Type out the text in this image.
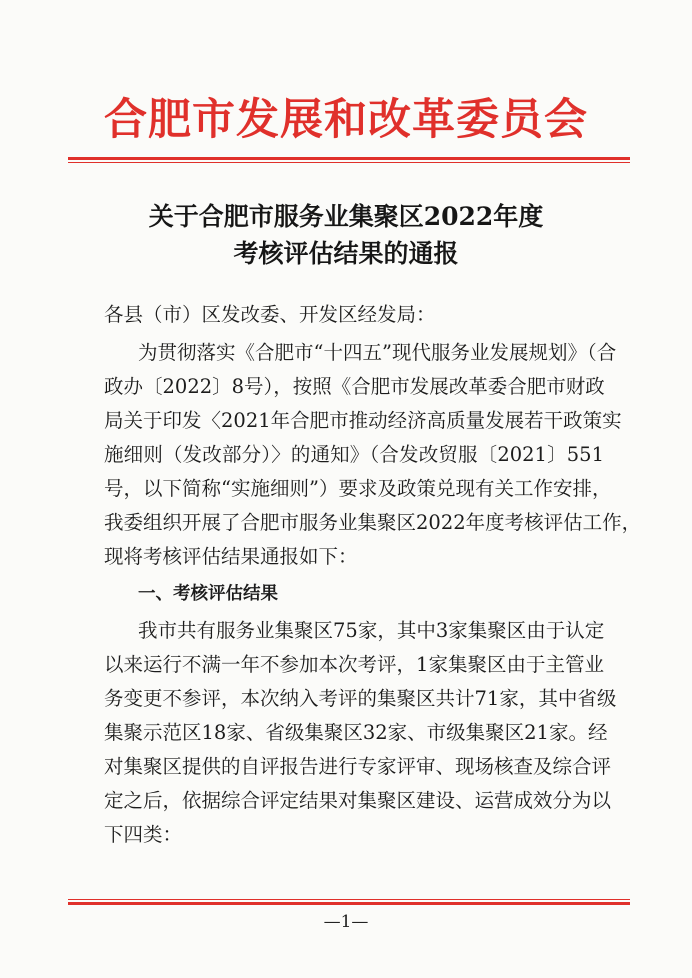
合肥市发展和改革委员会
关于合肥市服务业集聚区2022年度
考核评估结果的通报
各县（市）区发改委、开发区经发局：
为贯彻落实《合肥市“十四五”现代服务业发展规划》（合
政办〔2022〕8号），按照《合肥市发展改革委合肥市财政
局关于印发〈2021年合肥市推动经济高质量发展若干政策实
施细则（发改部分）〉的通知》（合发改贸服〔2021〕551
号，以下简称“实施细则”）要求及政策兑现有关工作安排，
我委组织开展了合肥市服务业集聚区2022年度考核评估工作，
现将考核评估结果通报如下：
一、考核评估结果
我市共有服务业集聚区75家，其中3家集聚区由于认定
以来运行不满一年不参加本次考评，1家集聚区由于主管业
务变更不参评，本次纳入考评的集聚区共计71家，其中省级
集聚示范区18家、省级集聚区32家、市级集聚区21家。经
对集聚区提供的自评报告进行专家评审、现场核查及综合评
定之后，依据综合评定结果对集聚区建设、运营成效分为以
下四类：
—1—
